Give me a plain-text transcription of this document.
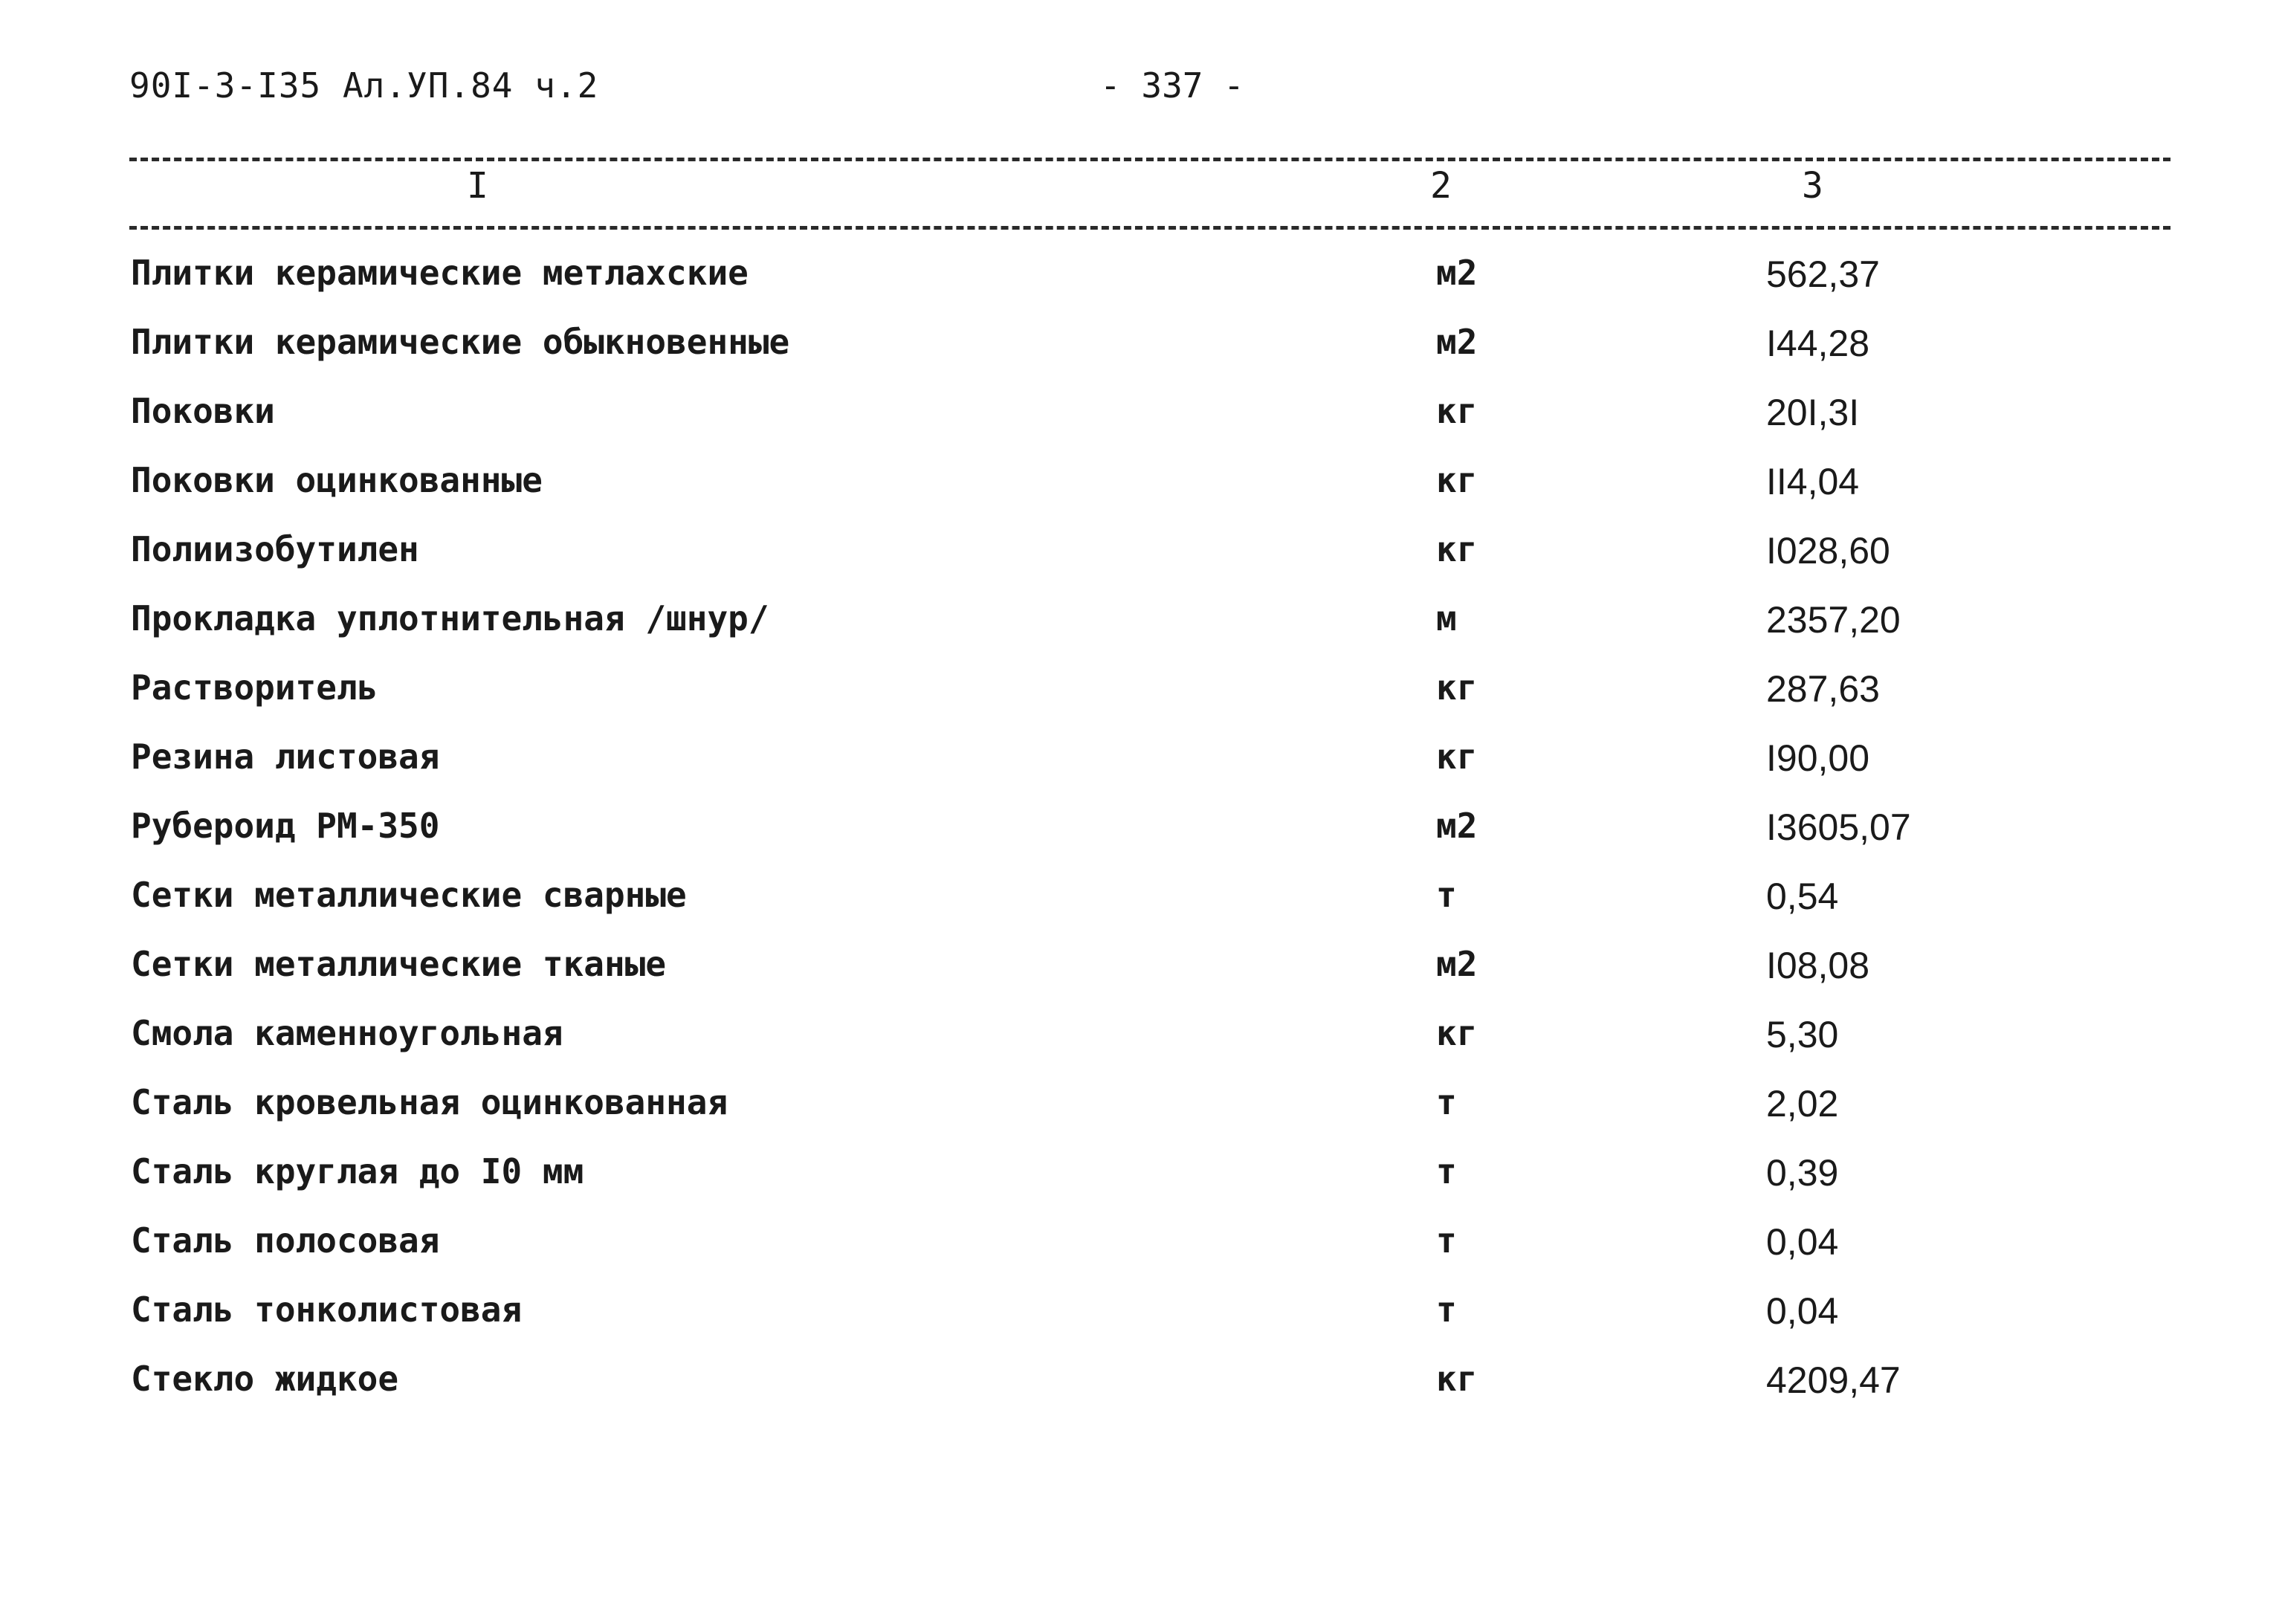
90I-3-I35 Ал.УП.84 ч.2	- 337 -
I	2	3
Плитки керамические метлахские	м2	562,37
Плитки керамические обыкновенные	м2	I44,28
Поковки	кг	20I,3I
Поковки оцинкованные	кг	II4,04
Полиизобутилен	кг	I028,60
Прокладка уплотнительная /шнур/	м	2357,20
Растворитель	кг	287,63
Резина листовая	кг	I90,00
Рубероид РМ-350	м2	I3605,07
Сетки металлические сварные	т	0,54
Сетки металлические тканые	м2	I08,08
Смола каменноугольная	кг	5,30
Сталь кровельная оцинкованная	т	2,02
Сталь круглая до I0 мм	т	0,39
Сталь полосовая	т	0,04
Сталь тонколистовая	т	0,04
Стекло жидкое	кг	4209,47
